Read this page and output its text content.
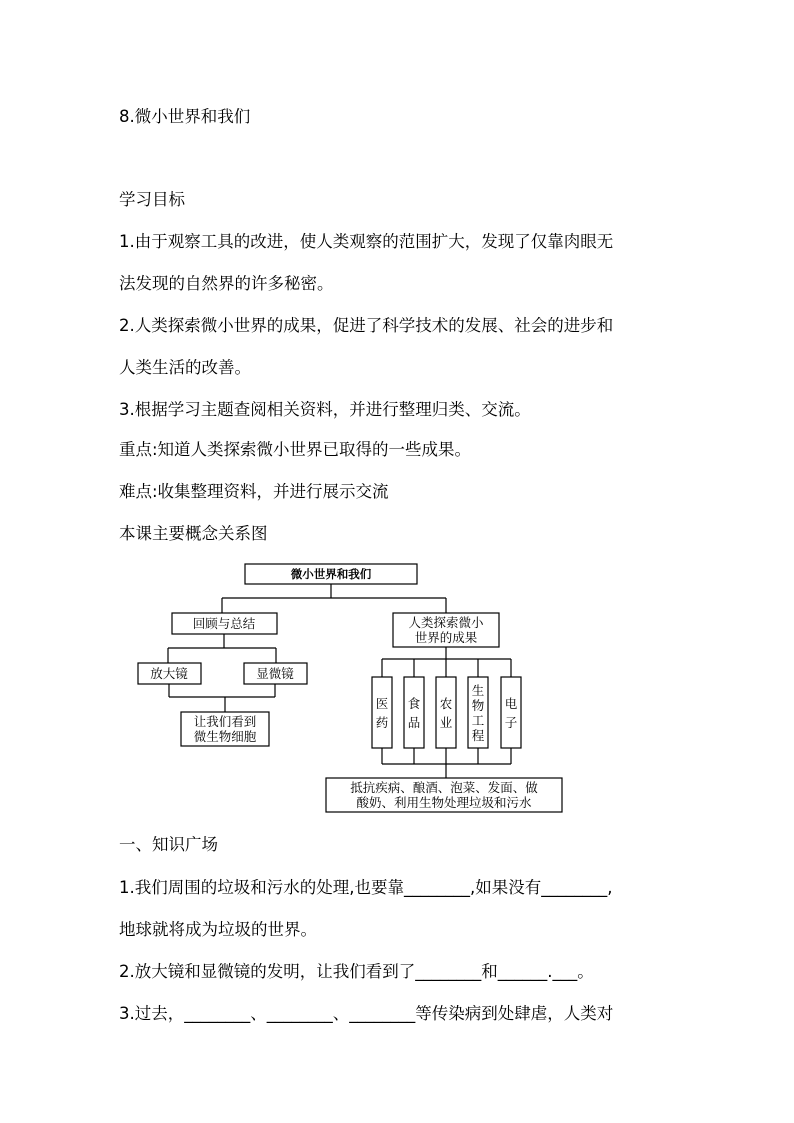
8.微小世界和我们
学习目标
1.由于观察工具的改进，使人类观察的范围扩大，发现了仅靠肉眼无
法发现的自然界的许多秘密。
2.人类探索微小世界的成果，促进了科学技术的发展、社会的进步和
人类生活的改善。
3.根据学习主题查阅相关资料，并进行整理归类、交流。
重点:知道人类探索微小世界已取得的一些成果。
难点:收集整理资料，并进行展示交流
本课主要概念关系图
微小世界和我们
回顾与总结
放大镜	显微镜
让我们看到
微生物细胞
人类探索微小
世界的成果
医
药
食
品
农
业
生
物
工
程
电
子
抵抗疾病、酿酒、泡菜、发面、做
酸奶、利用生物处理垃圾和污水
一、知识广场
1.我们周围的垃圾和污水的处理,也要靠________,如果没有________,
地球就将成为垃圾的世界。
2.放大镜和显微镜的发明，让我们看到了________和______.___。
3.过去，________、________、________等传染病到处肆虐，人类对
